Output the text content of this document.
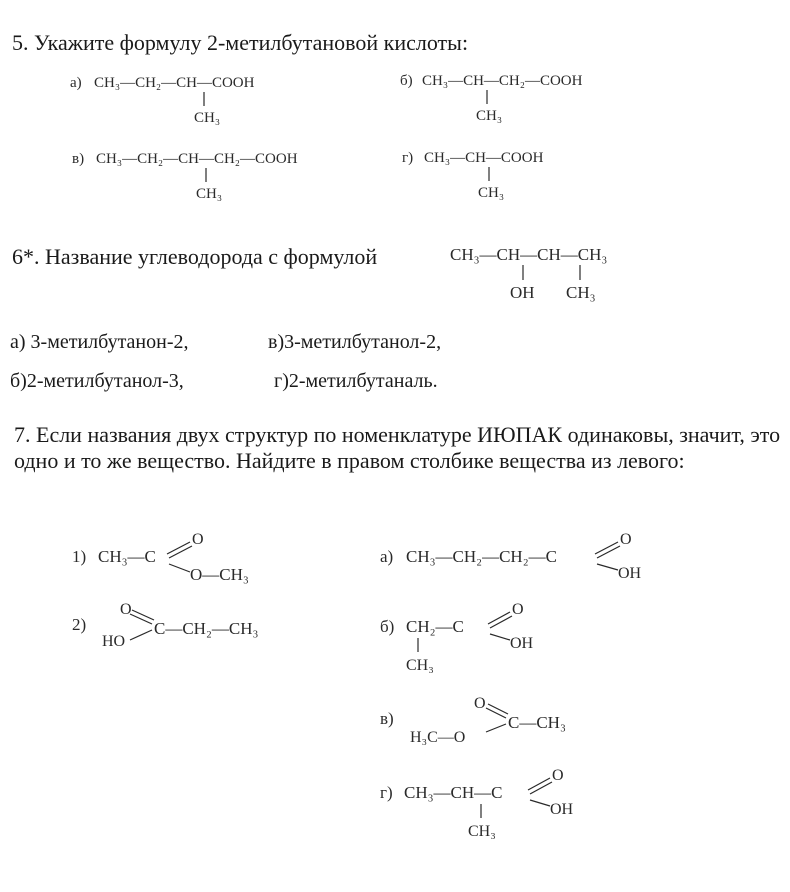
5. Укажите формулу 2-метилбутановой кислоты:

а) CH₃—CH₂—CH—COOH
CH₃
б) CH₃—CH—CH₂—COOH
CH₃
в) CH₃—CH₂—CH—CH₂—COOH
CH₃
г) CH₃—CH—COOH
CH₃

6*. Название углеводорода с формулой	CH₃—CH—CH—CH₃
OH CH₃
а) 3-метилбутанон-2,	в)3-метилбутанол-2,
б)2-метилбутанол-3,	г)2-метилбутаналь.

7. Если названия двух структур по номенклатуре ИЮПАК одинаковы, значит, это одно и то же вещество. Найдите в правом столбике вещества из левого:

1) CH₃—C
O
O—CH₃
2)
O
HO
C—CH₂—CH₃
а) CH₃—CH₂—CH₂—C
O
OH
б) CH₂—C
O
OH
CH₃
в)
O
H₃C—O
C—CH₃
г) CH₃—CH—C
O
OH
CH₃
